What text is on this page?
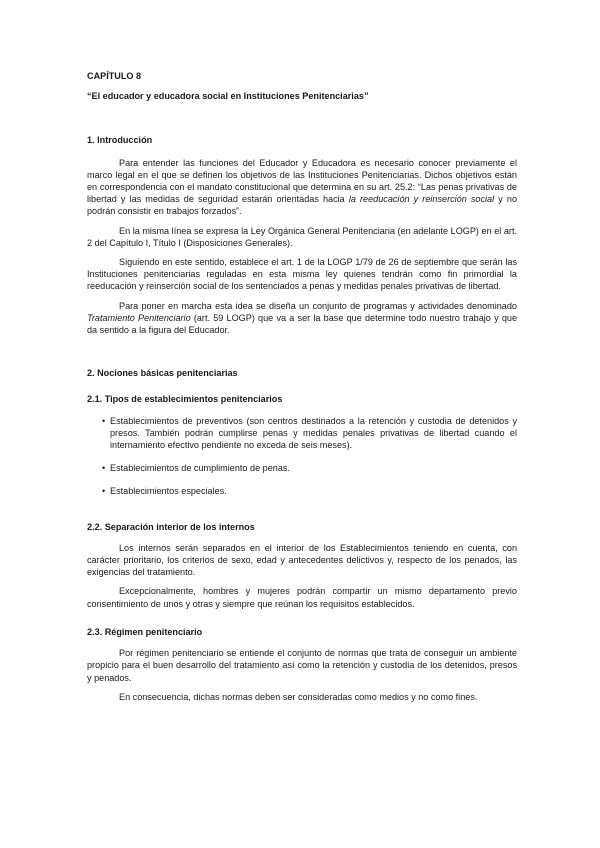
CAPÍTULO 8

“El educador y educadora social en Instituciones Penitenciarias”

1. Introducción

Para entender las funciones del Educador y Educadora es necesario conocer previamente el marco legal en el que se definen los objetivos de las Instituciones Penitenciarias. Dichos objetivos están en correspondencia con el mandato constitucional que determina en su art. 25.2: “Las penas privativas de libertad y las medidas de seguridad estarán orientadas hacia la reeducación y reinserción social y no podrán consistir en trabajos forzados”.

En la misma línea se expresa la Ley Orgánica General Penitenciaria (en adelante LOGP) en el art. 2 del Capítulo I, Título I (Disposiciones Generales).

Siguiendo en este sentido, establece el art. 1 de la LOGP 1/79 de 26 de septiembre que serán las Instituciones penitenciarias reguladas en esta misma ley quienes tendrán como fin primordial la reeducación y reinserción social de los sentenciados a penas y medidas penales privativas de libertad.

Para poner en marcha esta idea se diseña un conjunto de programas y actividades denominado Tratamiento Penitenciario (art. 59 LOGP) que va a ser la base que determine todo nuestro trabajo y que da sentido a la figura del Educador.

2. Nociones básicas penitenciarias

2.1. Tipos de establecimientos penitenciarios

• Establecimientos de preventivos (son centros destinados a la retención y custodia de detenidos y presos. También podrán cumplirse penas y medidas penales privativas de libertad cuando el internamiento efectivo pendiente no exceda de seis meses).
• Establecimientos de cumplimiento de penas.
• Establecimientos especiales.

2.2. Separación interior de los internos

Los internos serán separados en el interior de los Establecimientos teniendo en cuenta, con carácter prioritario, los criterios de sexo, edad y antecedentes delictivos y, respecto de los penados, las exigencias del tratamiento.

Excepcionalmente, hombres y mujeres podrán compartir un mismo departamento previo consentimiento de unos y otras y siempre que reúnan los requisitos establecidos.

2.3. Régimen penitenciario

Por régimen penitenciario se entiende el conjunto de normas que trata de conseguir un ambiente propicio para el buen desarrollo del tratamiento así como la retención y custodia de los detenidos, presos y penados.

En consecuencia, dichas normas deben ser consideradas como medios y no como fines.
